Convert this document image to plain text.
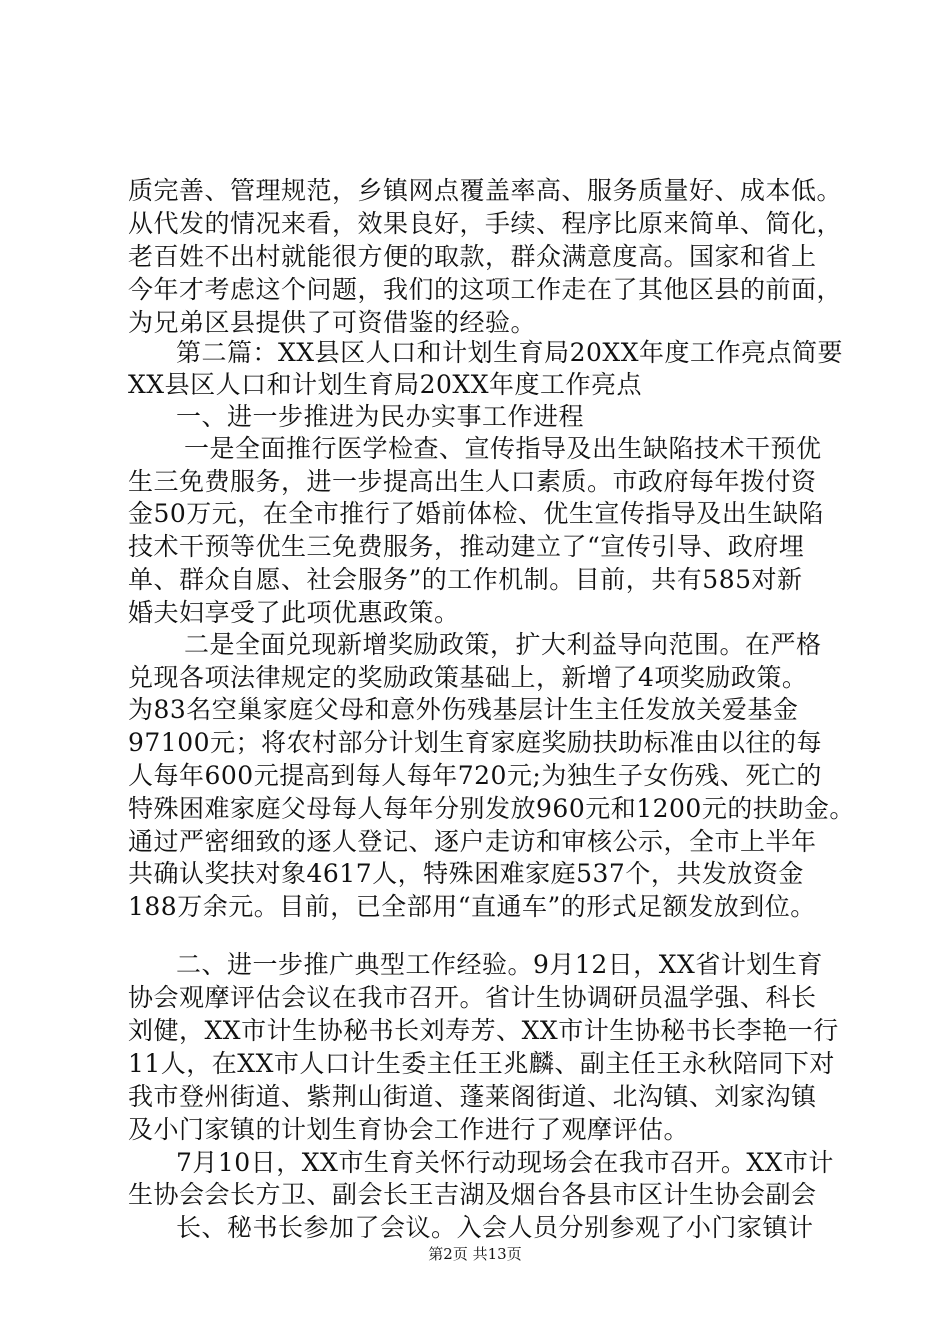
质完善、管理规范，乡镇网点覆盖率高、服务质量好、成本低。
从代发的情况来看，效果良好，手续、程序比原来简单、简化，
老百姓不出村就能很方便的取款，群众满意度高。国家和省上
今年才考虑这个问题，我们的这项工作走在了其他区县的前面，
为兄弟区县提供了可资借鉴的经验。
第二篇：XX县区人口和计划生育局20XX年度工作亮点简要
XX县区人口和计划生育局20XX年度工作亮点
一、进一步推进为民办实事工作进程
一是全面推行医学检查、宣传指导及出生缺陷技术干预优
生三免费服务，进一步提高出生人口素质。市政府每年拨付资
金50万元，在全市推行了婚前体检、优生宣传指导及出生缺陷
技术干预等优生三免费服务，推动建立了“宣传引导、政府埋
单、群众自愿、社会服务”的工作机制。目前，共有585对新
婚夫妇享受了此项优惠政策。
二是全面兑现新增奖励政策，扩大利益导向范围。在严格
兑现各项法律规定的奖励政策基础上，新增了4项奖励政策。
为83名空巢家庭父母和意外伤残基层计生主任发放关爱基金
97100元；将农村部分计划生育家庭奖励扶助标准由以往的每
人每年600元提高到每人每年720元;为独生子女伤残、死亡的
特殊困难家庭父母每人每年分别发放960元和1200元的扶助金。
通过严密细致的逐人登记、逐户走访和审核公示，全市上半年
共确认奖扶对象4617人，特殊困难家庭537个，共发放资金
188万余元。目前，已全部用“直通车”的形式足额发放到位。
二、进一步推广典型工作经验。9月12日，XX省计划生育
协会观摩评估会议在我市召开。省计生协调研员温学强、科长
刘健，XX市计生协秘书长刘寿芳、XX市计生协秘书长李艳一行
11人，在XX市人口计生委主任王兆麟、副主任王永秋陪同下对
我市登州街道、紫荆山街道、蓬莱阁街道、北沟镇、刘家沟镇
及小门家镇的计划生育协会工作进行了观摩评估。
7月10日，XX市生育关怀行动现场会在我市召开。XX市计
生协会会长方卫、副会长王吉湖及烟台各县市区计生协会副会
长、秘书长参加了会议。入会人员分别参观了小门家镇计
第2页 共13页
